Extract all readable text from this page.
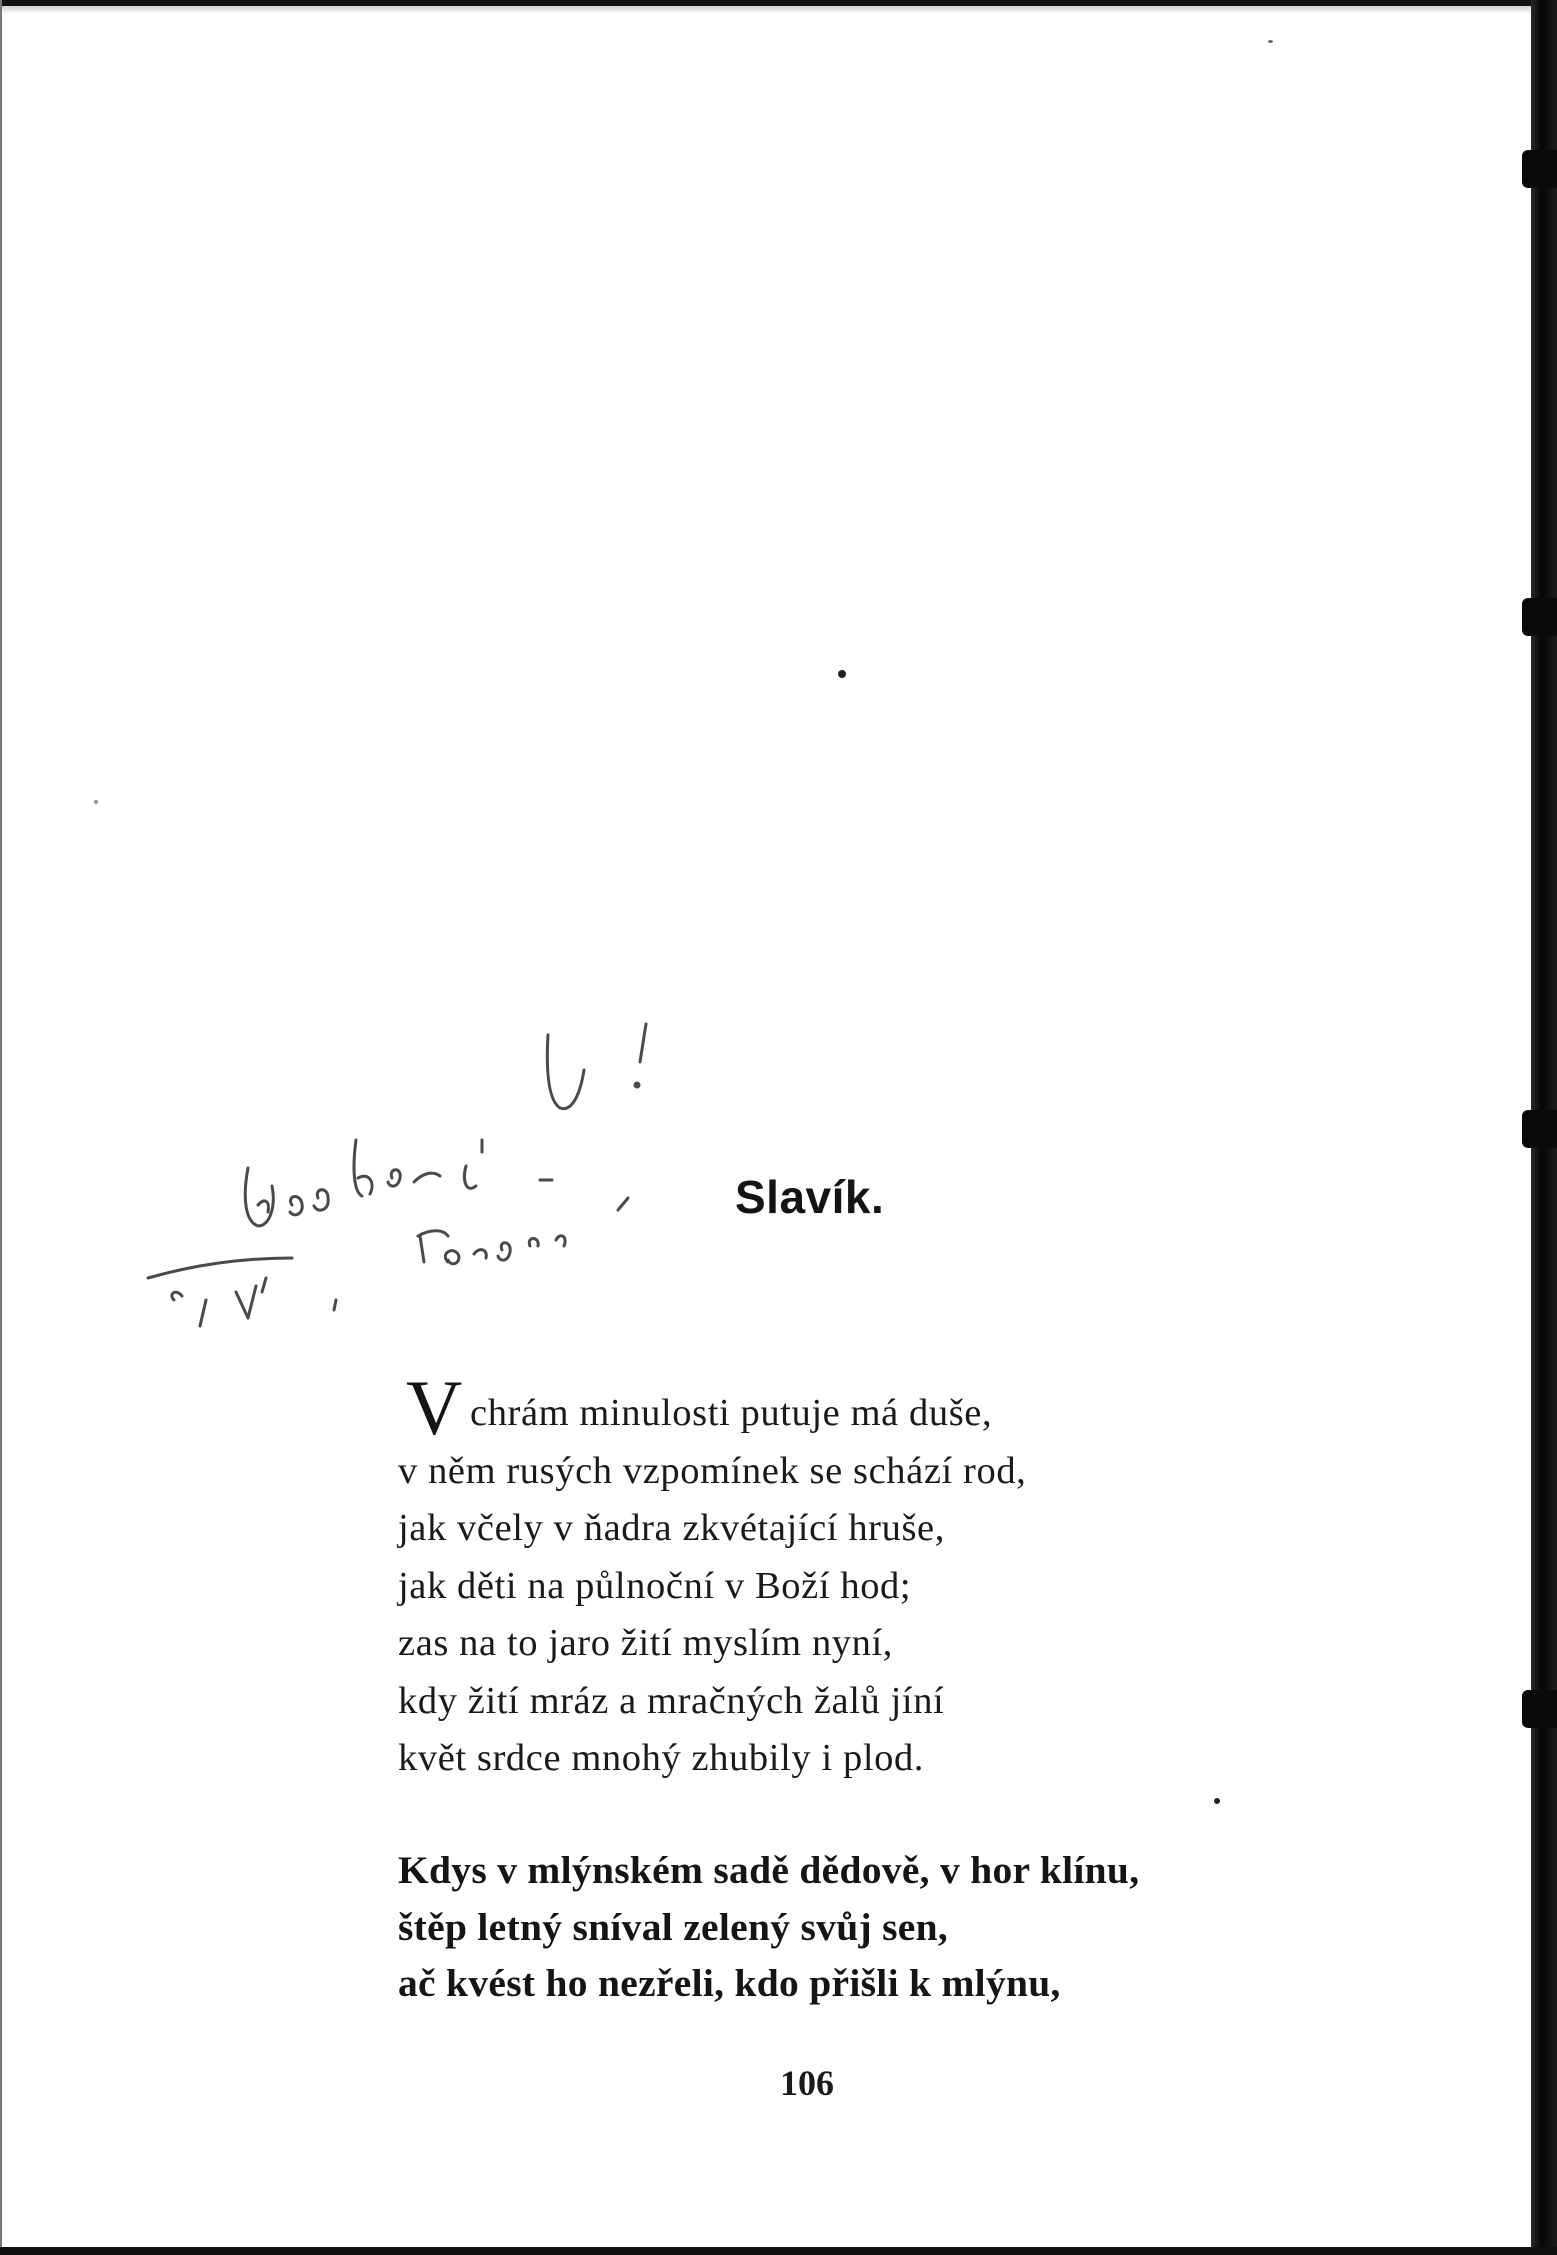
Slavík.
V chrám minulosti putuje má duše,
v něm rusých vzpomínek se schází rod,
jak včely v ňadra zkvétající hruše,
jak děti na půlnoční v Boží hod;
zas na to jaro žití myslím nyní,
kdy žití mráz a mračných žalů jíní
květ srdce mnohý zhubily i plod.
Kdys v mlýnském sadě dědově, v hor klínu,
štěp letný sníval zelený svůj sen,
ač kvést ho nezřeli, kdo přišli k mlýnu,
106
